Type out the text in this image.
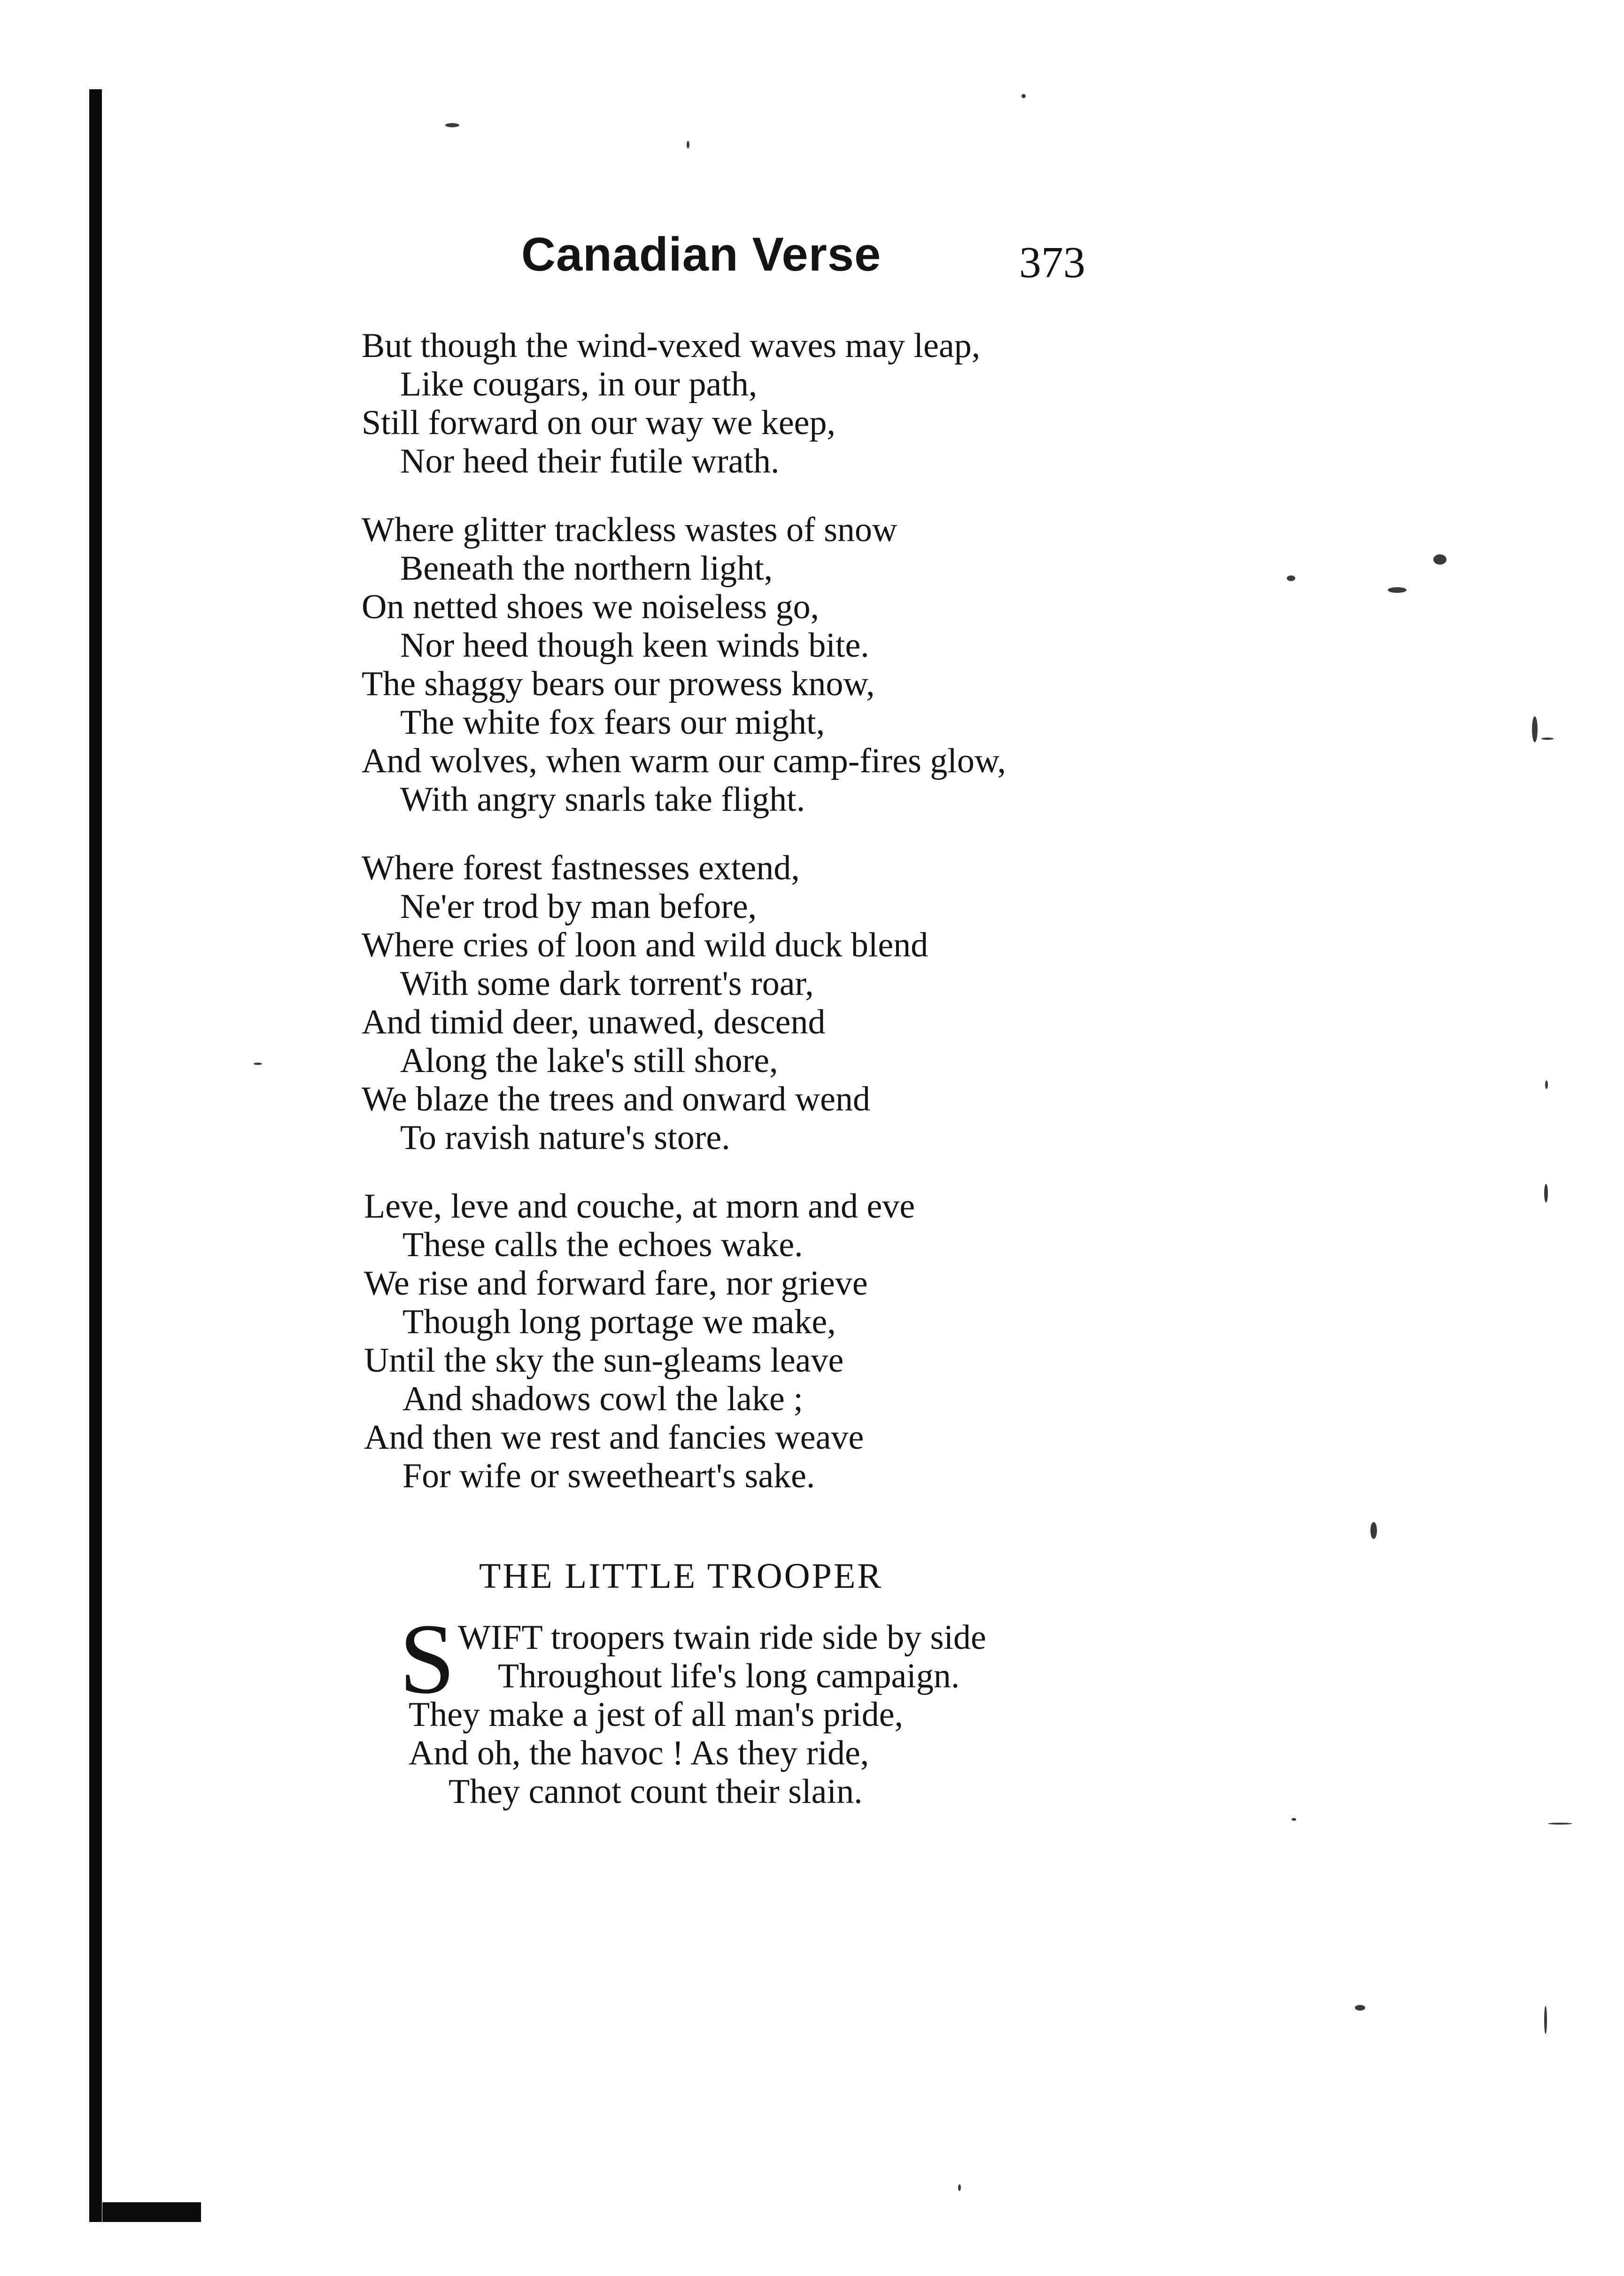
Canadian Verse	373
But though the wind-vexed waves may leap,
Like cougars, in our path,
Still forward on our way we keep,
Nor heed their futile wrath.
Where glitter trackless wastes of snow
Beneath the northern light,
On netted shoes we noiseless go,
Nor heed though keen winds bite.
The shaggy bears our prowess know,
The white fox fears our might,
And wolves, when warm our camp-fires glow,
With angry snarls take flight.
Where forest fastnesses extend,
Ne'er trod by man before,
Where cries of loon and wild duck blend
With some dark torrent's roar,
And timid deer, unawed, descend
Along the lake's still shore,
We blaze the trees and onward wend
To ravish nature's store.
Leve, leve and couche, at morn and eve
These calls the echoes wake.
We rise and forward fare, nor grieve
Though long portage we make,
Until the sky the sun-gleams leave
And shadows cowl the lake ;
And then we rest and fancies weave
For wife or sweetheart's sake.
THE LITTLE TROOPER
S WIFT troopers twain ride side by side
Throughout life's long campaign.
They make a jest of all man's pride,
And oh, the havoc ! As they ride,
They cannot count their slain.
